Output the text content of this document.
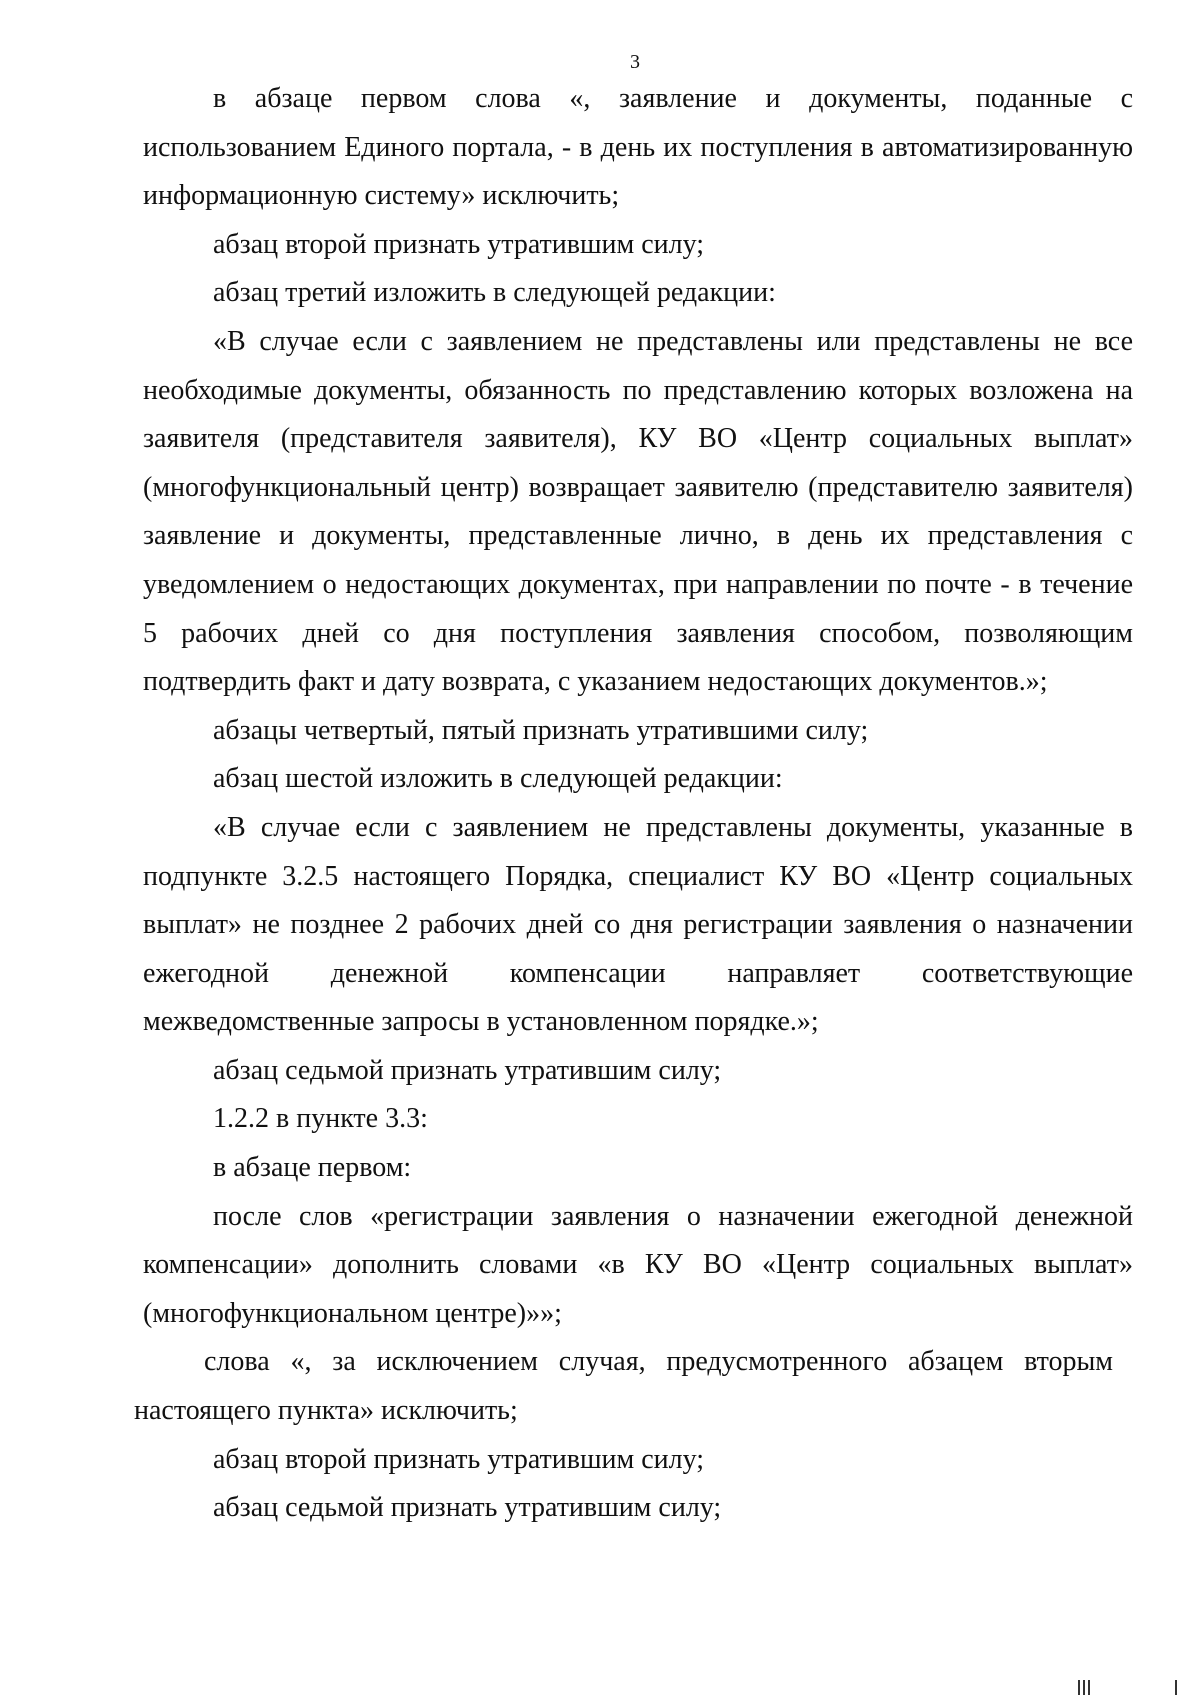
3

в абзаце первом слова «, заявление и документы, поданные с использованием Единого портала, - в день их поступления в автоматизированную информационную систему» исключить;

абзац второй признать утратившим силу;

абзац третий изложить в следующей редакции:

«В случае если с заявлением не представлены или представлены не все необходимые документы, обязанность по представлению которых возложена на заявителя (представителя заявителя), КУ ВО «Центр социальных выплат» (многофункциональный центр) возвращает заявителю (представителю заявителя) заявление и документы, представленные лично, в день их представления с уведомлением о недостающих документах, при направлении по почте - в течение 5 рабочих дней со дня поступления заявления способом, позволяющим подтвердить факт и дату возврата, с указанием недостающих документов.»;

абзацы четвертый, пятый признать утратившими силу;

абзац шестой изложить в следующей редакции:

«В случае если с заявлением не представлены документы, указанные в подпункте 3.2.5 настоящего Порядка, специалист КУ ВО «Центр социальных выплат» не позднее 2 рабочих дней со дня регистрации заявления о назначении ежегодной денежной компенсации направляет соответствующие межведомственные запросы в установленном порядке.»;

абзац седьмой признать утратившим силу;

1.2.2 в пункте 3.3:

в абзаце первом:

после слов «регистрации заявления о назначении ежегодной денежной компенсации» дополнить словами «в КУ ВО «Центр социальных выплат» (многофункциональном центре)»»;

слова «, за исключением случая, предусмотренного абзацем вторым настоящего пункта» исключить;

абзац второй признать утратившим силу;

абзац седьмой признать утратившим силу;
